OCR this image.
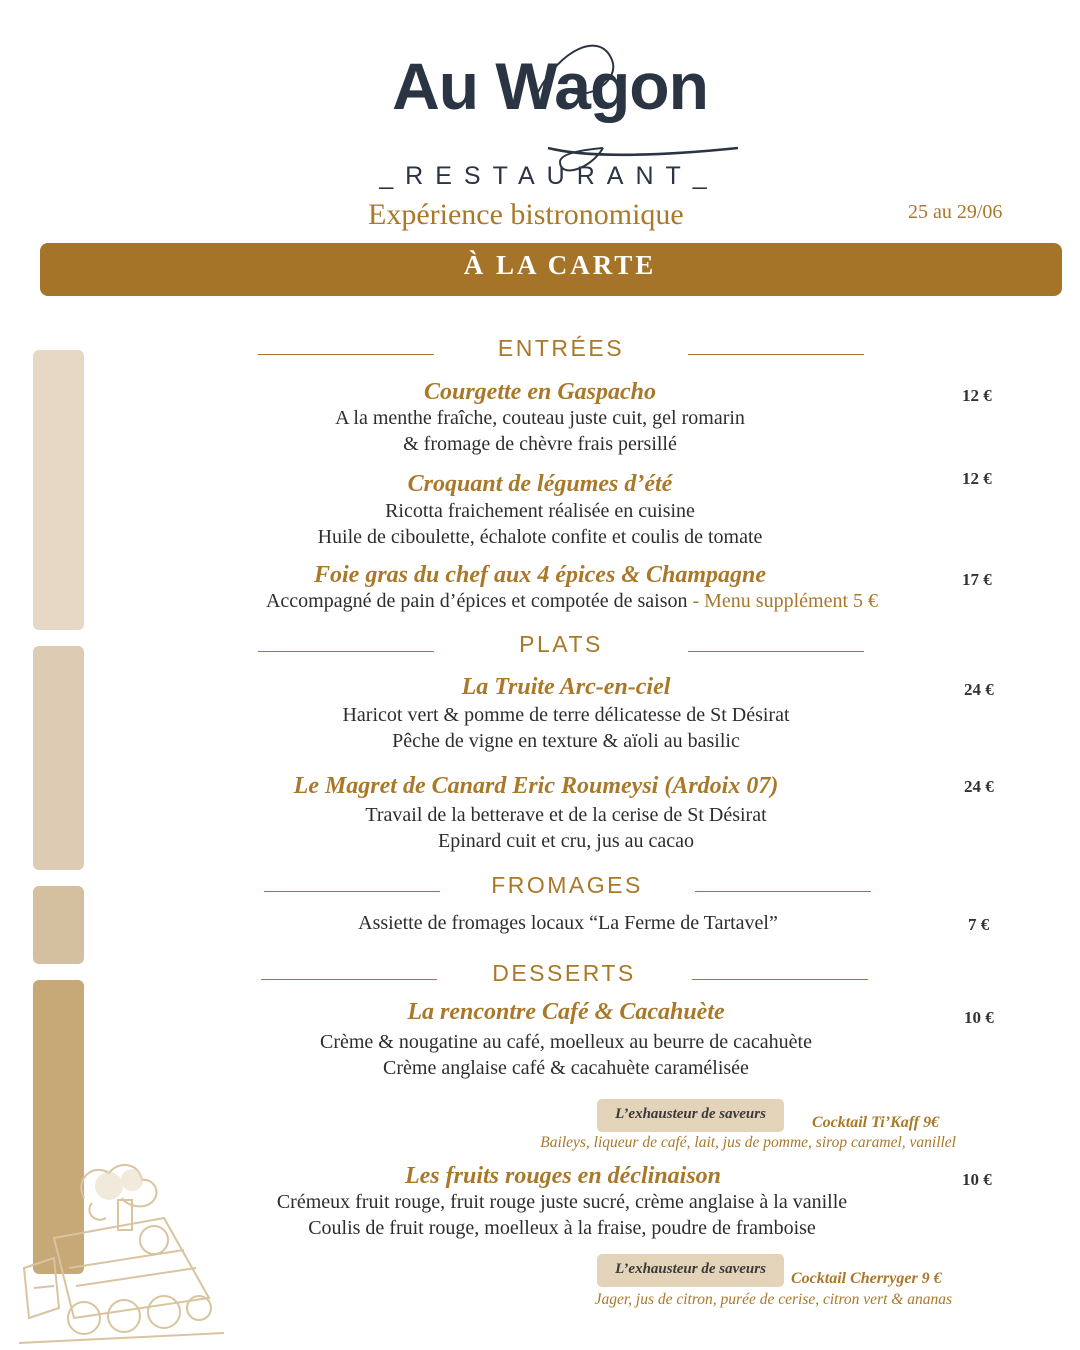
Au Wagon
_RESTAURANT_
Expérience bistronomique	25 au 29/06
À LA CARTE
ENTRÉES
Courgette en Gaspacho	12 €
A la menthe fraîche, couteau juste cuit, gel romarin
& fromage de chèvre frais persillé
Croquant de légumes d’été	12 €
Ricotta fraichement réalisée en cuisine
Huile de ciboulette, échalote confite et coulis de tomate
Foie gras du chef aux 4 épices & Champagne	17 €
Accompagné de pain d’épices et compotée de saison - Menu supplément 5 €
PLATS
La Truite Arc-en-ciel	24 €
Haricot vert & pomme de terre délicatesse de St Désirat
Pêche de vigne en texture & aïoli au basilic
Le Magret de Canard Eric Roumeysi (Ardoix 07)	24 €
Travail de la betterave et de la cerise de St Désirat
Epinard cuit et cru, jus au cacao
FROMAGES
Assiette de fromages locaux “La Ferme de Tartavel”	7 €
DESSERTS
La rencontre Café & Cacahuète	10 €
Crème & nougatine au café, moelleux au beurre de cacahuète
Crème anglaise café & cacahuète caramélisée
L’exhausteur de saveurs	Cocktail Ti’Kaff 9€
Baileys, liqueur de café, lait, jus de pomme, sirop caramel, vanillel
Les fruits rouges en déclinaison	10 €
Crémeux fruit rouge, fruit rouge juste sucré, crème anglaise à la vanille
Coulis de fruit rouge, moelleux à la fraise, poudre de framboise
L’exhausteur de saveurs
Cocktail Cherryger 9 €
Jager, jus de citron, purée de cerise, citron vert & ananas
